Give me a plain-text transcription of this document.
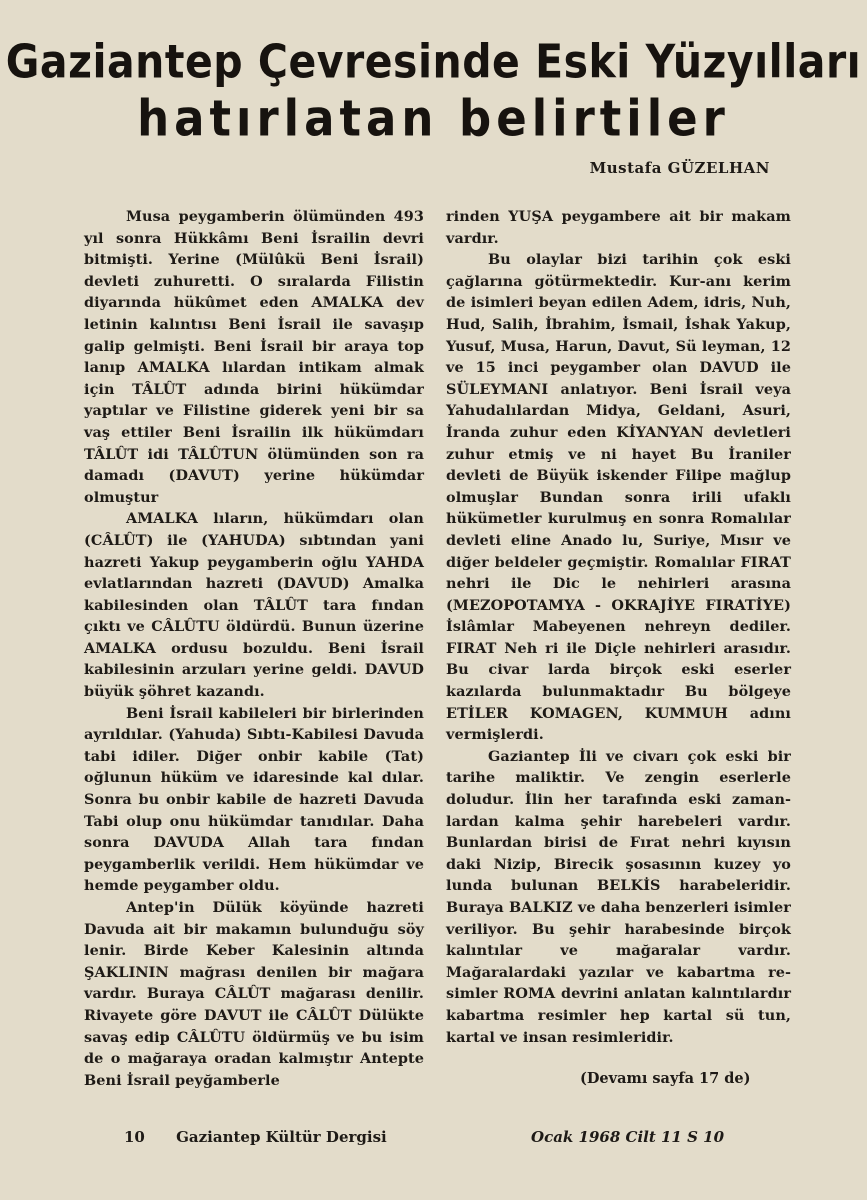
Gaziantep Çevresinde Eski Yüzyılları
hatırlatan belirtiler
Mustafa GÜZELHAN

Musa peygamberin ölümünden 493 yıl sonra Hükkâmı Beni İsrailin devri bitmişti. Yerine (Mülûkü Beni İsrail) devleti zuhuretti. O sıralarda Filistin diyarında hükûmet eden AMALKA dev letinin kalıntısı Beni İsrail ile savaşıp galip gelmişti. Beni İsrail bir araya top lanıp AMALKA lılardan intikam almak için TÂLÛT adında birini hükümdar yaptılar ve Filistine giderek yeni bir sa vaş ettiler Beni İsrailin ilk hükümdarı TÂLÛT idi TÂLÛTUN ölümünden son ra damadı (DAVUT) yerine hükümdar olmuştur

AMALKA lıların, hükümdarı olan (CÂLÛT) ile (YAHUDA) sıbtından yani hazreti Yakup peygamberin oğlu YAHDA evlatlarından hazreti (DAVUD) Amalka kabilesinden olan TÂLÛT tara fından çıktı ve CÂLÛTU öldürdü. Bunun üzerine AMALKA ordusu bozuldu. Beni İsrail kabilesinin arzuları yerine geldi. DAVUD büyük şöhret kazandı.

Beni İsrail kabileleri bir birlerinden ayrıldılar. (Yahuda) Sıbtı-Kabilesi Davuda tabi idiler. Diğer onbir kabile (Tat) oğlunun hüküm ve idaresinde kal dılar. Sonra bu onbir kabile de hazreti Davuda Tabi olup onu hükümdar tanıdılar. Daha sonra DAVUDA Allah tara fından peygamberlik verildi. Hem hükümdar ve hemde peygamber oldu.

Antep'in Dülük köyünde hazreti Davuda ait bir makamın bulunduğu söy lenir. Birde Keber Kalesinin altında ŞAKLININ mağrası denilen bir mağara vardır. Buraya CÂLÛT mağarası denilir. Rivayete göre DAVUT ile CÂLÛT Dülükte savaş edip CÂLÛTU öldürmüş ve bu isim de o mağaraya oradan kalmıştır Antepte Beni İsrail peyğamberle

rinden YUŞA peygambere ait bir makam vardır.

Bu olaylar bizi tarihin çok eski çağlarına götürmektedir. Kur-anı kerim de isimleri beyan edilen Adem, idris, Nuh, Hud, Salih, İbrahim, İsmail, İshak Yakup, Yusuf, Musa, Harun, Davut, Sü leyman, 12 ve 15 inci peygamber olan DAVUD ile SÜLEYMANI anlatıyor. Beni İsrail veya Yahudalılardan Midya, Geldani, Asuri, İranda zuhur eden KİYANYAN devletleri zuhur etmiş ve ni hayet Bu İraniler devleti de Büyük iskender Filipe mağlup olmuşlar Bundan sonra irili ufaklı hükümetler kurulmuş en sonra Romalılar devleti eline Anado lu, Suriye, Mısır ve diğer beldeler geçmiştir. Romalılar FIRAT nehri ile Dic le nehirleri arasına (MEZOPOTAMYA - OKRAJİYE FIRATİYE) İslâmlar Mabeyenen nehreyn dediler. FIRAT Neh ri ile Diçle nehirleri arasıdır. Bu civar larda birçok eski eserler kazılarda bulunmaktadır Bu bölgeye ETİLER KOMAGEN, KUMMUH adını vermişlerdi.

Gaziantep İli ve civarı çok eski bir tarihe maliktir. Ve zengin eserlerle doludur. İlin her tarafında eski zamanlardan kalma şehir harebeleri vardır. Bunlardan birisi de Fırat nehri kıyısın daki Nizip, Birecik şosasının kuzey yo lunda bulunan BELKİS harabeleridir. Buraya BALKIZ ve daha benzerleri isimler veriliyor. Bu şehir harabesinde birçok kalıntılar ve mağaralar vardır. Mağaralardaki yazılar ve kabartma resimler ROMA devrini anlatan kalıntılardır kabartma resimler hep kartal sü tun, kartal ve insan resimleridir.

(Devamı sayfa 17 de)
10 Gaziantep Kültür Dergisi	Ocak 1968 Cilt 11 S 10
